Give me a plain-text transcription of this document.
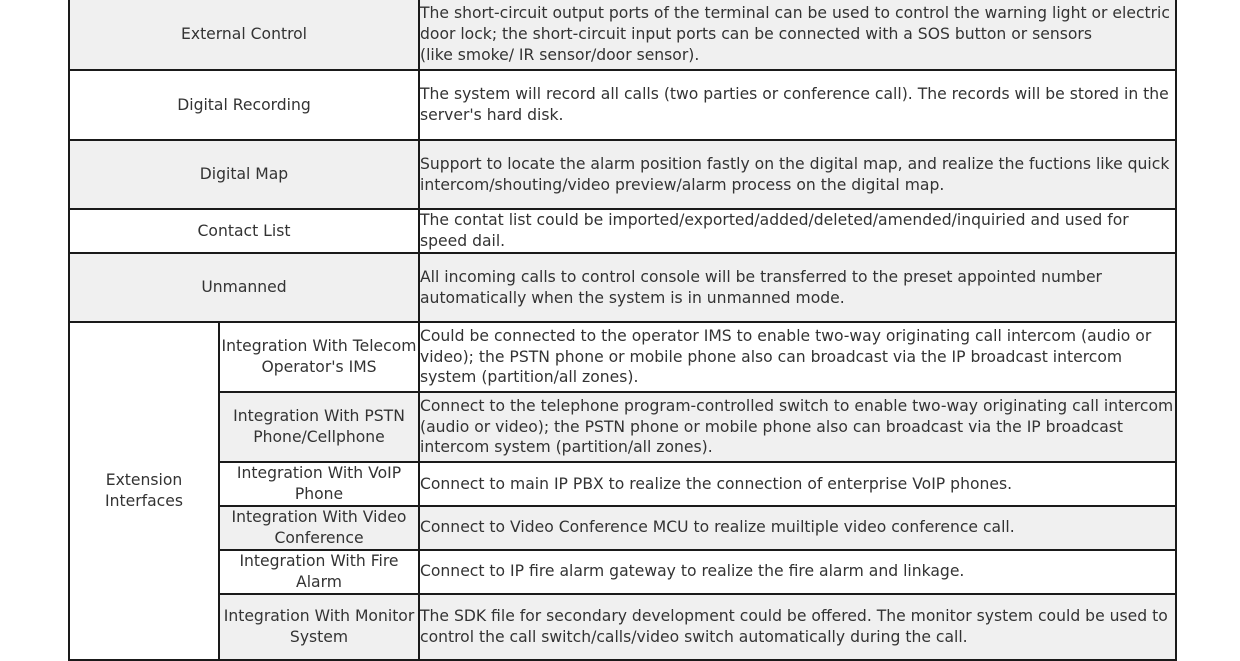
External Control		The short-circuit output ports of the terminal can be used to control the warning light or electric door lock; the short-circuit input ports can be connected with a SOS button or sensors
(like smoke/ IR sensor/door sensor).
Digital Recording		The system will record all calls (two parties or conference call). The records will be stored in the server's hard disk.
Digital Map		Support to locate the alarm position fastly on the digital map, and realize the fuctions like quick intercom/shouting/video preview/alarm process on the digital map.
Contact List		The contat list could be imported/exported/added/deleted/amended/inquiried and used for speed dail.
Unmanned		All incoming calls to control console will be transferred to the preset appointed number automatically when the system is in unmanned mode.
Extension
Interfaces	Integration With Telecom Operator's IMS	Could be connected to the operator IMS to enable two-way originating call intercom (audio or video); the PSTN phone or mobile phone also can broadcast via the IP broadcast intercom system (partition/all zones).
	Integration With PSTN Phone/Cellphone	Connect to the telephone program-controlled switch to enable two-way originating call intercom (audio or video); the PSTN phone or mobile phone also can broadcast via the IP broadcast intercom system (partition/all zones).
	Integration With VoIP Phone	Connect to main IP PBX to realize the connection of enterprise VoIP phones.
	Integration With Video Conference	Connect to Video Conference MCU to realize muiltiple video conference call.
	Integration With Fire Alarm	Connect to IP fire alarm gateway to realize the fire alarm and linkage.
	Integration With Monitor System	The SDK file for secondary development could be offered. The monitor system could be used to control the call switch/calls/video switch automatically during the call.
